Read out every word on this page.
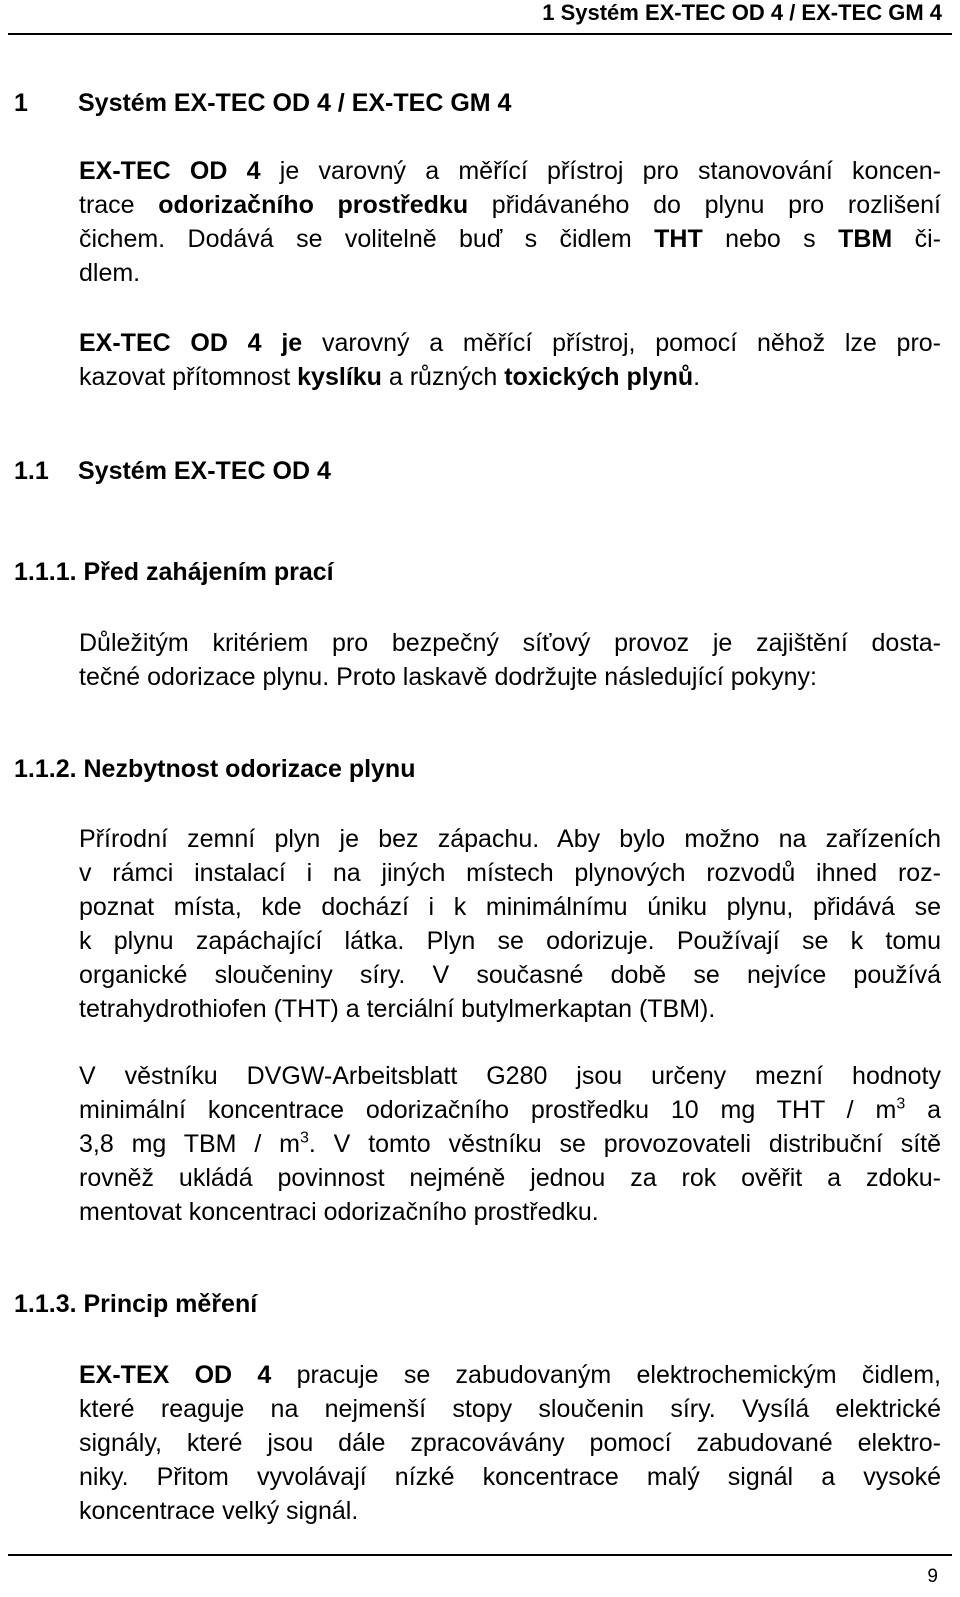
1 Systém EX-TEC OD 4 / EX-TEC GM 4
1 Systém EX-TEC OD 4 / EX-TEC GM 4
EX-TEC OD 4 je varovný a měřící přístroj pro stanovování koncen-
trace odorizačního prostředku přidávaného do plynu pro rozlišení
čichem. Dodává se volitelně buď s čidlem THT nebo s TBM či-
dlem.
EX-TEC OD 4 je varovný a měřící přístroj, pomocí něhož lze pro-
kazovat přítomnost kyslíku a různých toxických plynů.
1.1 Systém EX-TEC OD 4
1.1.1. Před zahájením prací
Důležitým kritériem pro bezpečný síťový provoz je zajištění dosta-
tečné odorizace plynu. Proto laskavě dodržujte následující pokyny:
1.1.2. Nezbytnost odorizace plynu
Přírodní zemní plyn je bez zápachu. Aby bylo možno na zařízeních
v rámci instalací i na jiných místech plynových rozvodů ihned roz-
poznat místa, kde dochází i k minimálnímu úniku plynu, přidává se
k plynu zapáchající látka. Plyn se odorizuje. Používají se k tomu
organické sloučeniny síry. V současné době se nejvíce používá
tetrahydrothiofen (THT) a terciální butylmerkaptan (TBM).
V věstníku DVGW-Arbeitsblatt G280 jsou určeny mezní hodnoty
minimální koncentrace odorizačního prostředku 10 mg THT / $m^3$ a
3,8 mg TBM / $m^3$. V tomto věstníku se provozovateli distribuční sítě
rovněž ukládá povinnost nejméně jednou za rok ověřit a zdoku-
mentovat koncentraci odorizačního prostředku.
1.1.3. Princip měření
EX-TEX OD 4 pracuje se zabudovaným elektrochemickým čidlem,
které reaguje na nejmenší stopy sloučenin síry. Vysílá elektrické
signály, které jsou dále zpracovávány pomocí zabudované elektro-
niky. Přitom vyvolávají nízké koncentrace malý signál a vysoké
koncentrace velký signál.
9
